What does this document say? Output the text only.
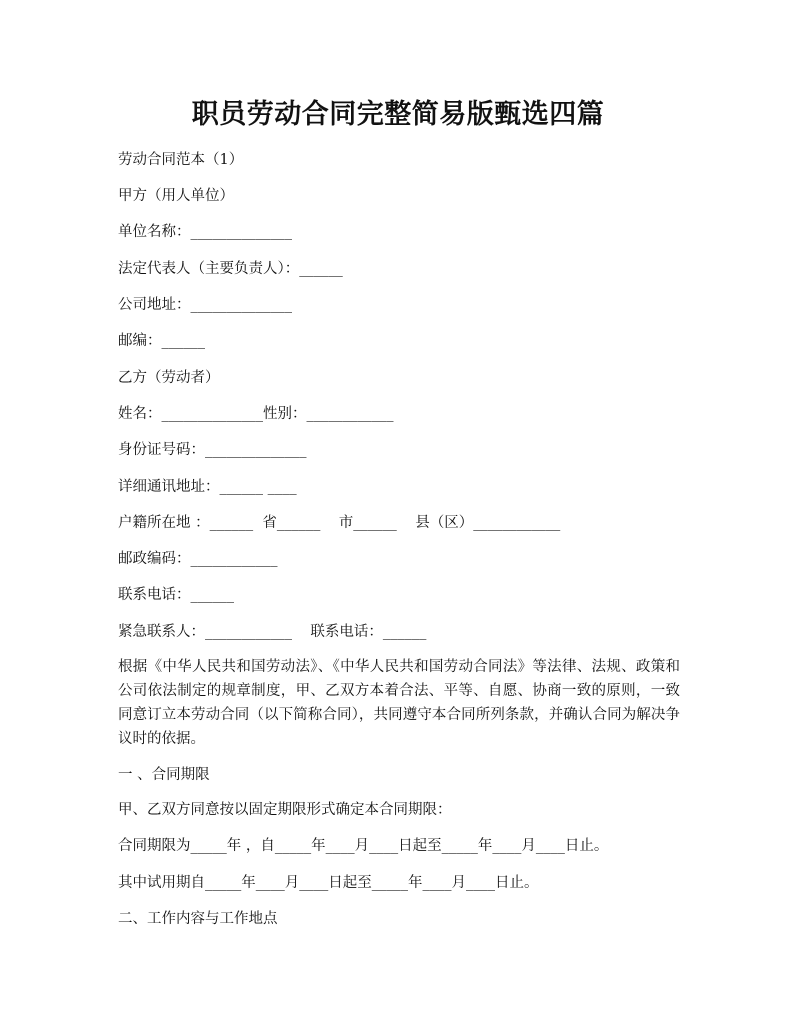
职员劳动合同完整简易版甄选四篇

劳动合同范本（1）

甲方（用人单位）

单位名称：______________

法定代表人（主要负责人）：______

公司地址：______________

邮编：______

乙方（劳动者）

姓名：______________性别：____________

身份证号码：______________

详细通讯地址：______ ____

户籍所在地 ：______  省______    市______    县（区）____________

邮政编码：____________

联系电话：______

紧急联系人：____________    联系电话：______

根据《中华人民共和国劳动法》、《中华人民共和国劳动合同法》等法律、法规、政策和公司依法制定的规章制度，甲、乙双方本着合法、平等、自愿、协商一致的原则，一致同意订立本劳动合同（以下简称合同），共同遵守本合同所列条款，并确认合同为解决争议时的依据。

一 、合同期限

甲、乙双方同意按以固定期限形式确定本合同期限：

合同期限为_____年 ，自_____年____月____日起至_____年____月____日止。

其中试用期自_____年____月____日起至_____年____月____日止。

二、工作内容与工作地点
